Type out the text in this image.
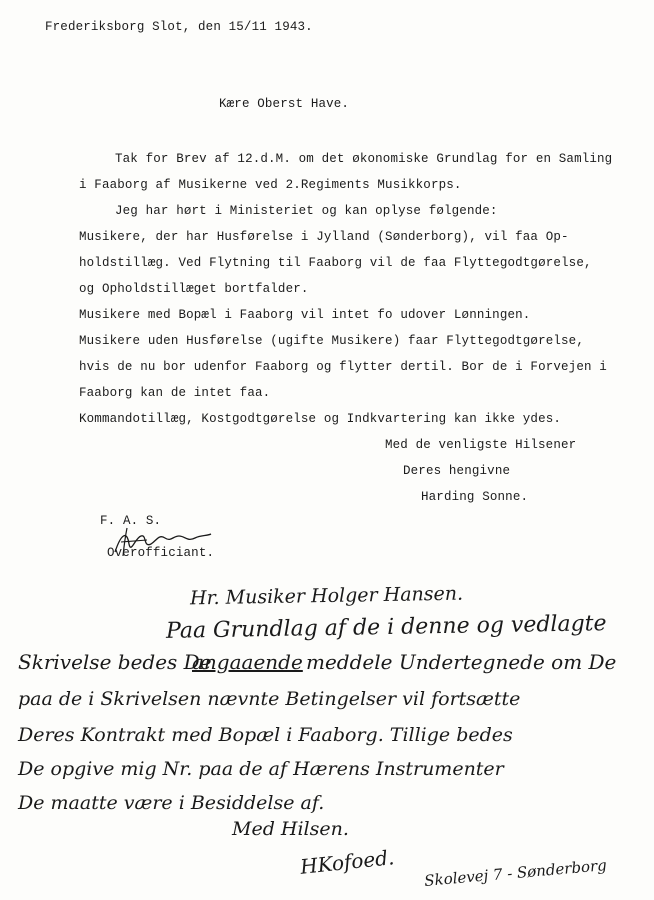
Frederiksborg Slot, den 15/11 1943.
Kære Oberst Have.
Tak for Brev af 12.d.M. om det økonomiske Grundlag for en Samling
i Faaborg af Musikerne ved 2.Regiments Musikkorps.
Jeg har hørt i Ministeriet og kan oplyse følgende:
Musikere, der har Husførelse i Jylland (Sønderborg), vil faa Op-
holdstillæg. Ved Flytning til Faaborg vil de faa Flyttegodtgørelse,
og Opholdstillæget bortfalder.
Musikere med Bopæl i Faaborg vil intet fo udover Lønningen.
Musikere uden Husførelse (ugifte Musikere) faar Flyttegodtgørelse,
hvis de nu bor udenfor Faaborg og flytter dertil. Bor de i Forvejen i
Faaborg kan de intet faa.
Kommandotillæg, Kostgodtgørelse og Indkvartering kan ikke ydes.
Med de venligste Hilsener
Deres hengivne
Harding Sonne.
F. A. S.
Overofficiant.
Hr. Musiker Holger Hansen.
Paa Grundlag af de i denne og vedlagte
Skrivelse bedes De
angaaende meddele Undertegnede om De
paa de i Skrivelsen nævnte Betingelser vil fortsætte
Deres Kontrakt med Bopæl i Faaborg. Tillige bedes
De opgive mig Nr. paa de af Hærens Instrumenter
De maatte være i Besiddelse af.
Med Hilsen.
HKofoed. Skolevej 7 - Sønderborg
